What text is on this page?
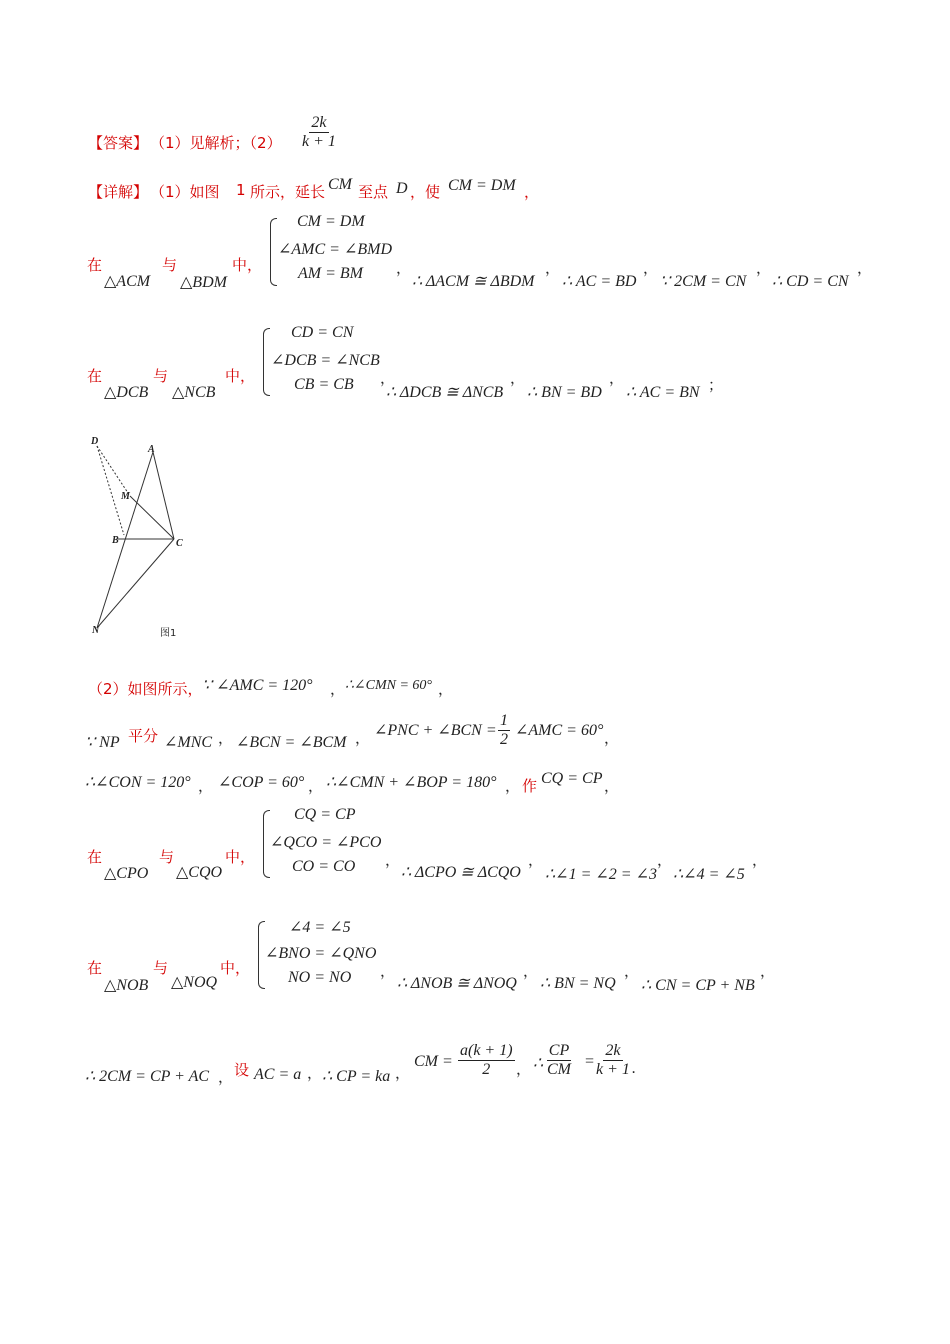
【答案】 （1）见解析；$(2) \frac{2k}{k + 1}$
【详解】 （1）如图 1 所示，延长 CM 至点 D ，使 CM = DM ，
在
△ACM
与
△BDM
中，
CM = DM
∠AMC = ∠BMD
AM = BM ，
∴ ΔACM ≅ ΔBDM
，
∴ AC = BD
，
∵ 2CM = CN
，
∴ CD = CN
，
在
△DCB
与
△NCB
中，
CD = CN
∠DCB = ∠NCB
CB = CB ，
∴ ΔDCB ≅ ΔNCB
，
∴ BN = BD
，
∴ AC = BN ；
D
A
M
B	C
N	图1
（2）如图所示， ∵ ∠AMC = 120° ， ∴∠CMN = 60° ，
∵ NP 平分 ∠MNC ， ∠BCN = ∠BCM ， ∠PNC + ∠BCN = $\frac{1}{2}$ ∠AMC = 60° ，
∴∠CON = 120° ， ∠COP = 60° ， ∴∠CMN + ∠BOP = 180° ， 作 CQ = CP ，
在
△CPO
与
△CQO
中，
CQ = CP
∠QCO = ∠PCO
CO = CO ，
∴ ΔCPO ≅ ΔCQO
，
∴∠1 = ∠2 = ∠3
，
∴∠4 = ∠5
，
在
△NOB
与
△NOQ
中，
∠4 = ∠5
∠BNO = ∠QNO
NO = NO ，
∴ ΔNOB ≅ ΔNOQ
，
∴ BN = NQ
，
∴ CN = CP + NB
，
∴ 2CM = CP + AC ， 设 AC = a ， ∴ CP = ka ，
CM = $\frac{a(k + 1)}{2}$ ， ∴ $\frac{CP}{CM} = \frac{2k}{k + 1}$ .
